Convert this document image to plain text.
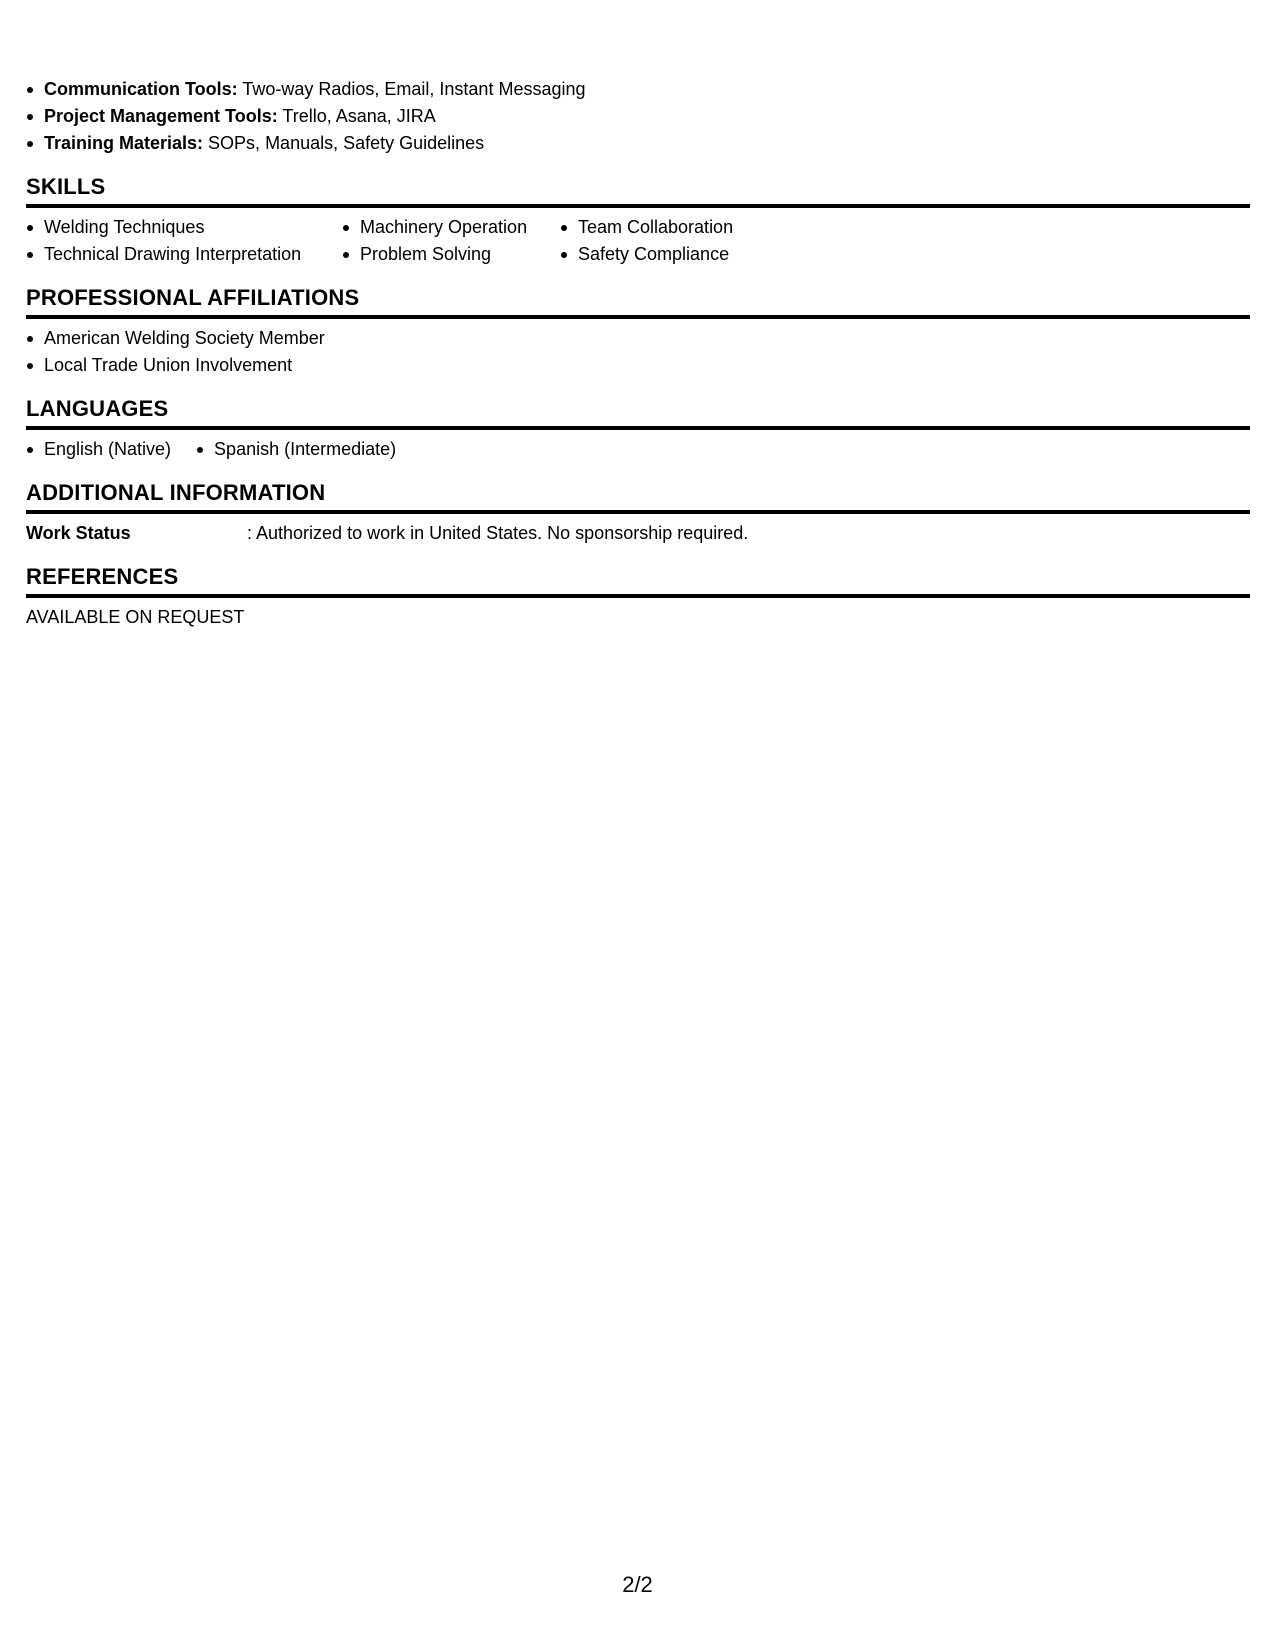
Communication Tools: Two-way Radios, Email, Instant Messaging
Project Management Tools: Trello, Asana, JIRA
Training Materials: SOPs, Manuals, Safety Guidelines
SKILLS
Welding Techniques
Technical Drawing Interpretation
Machinery Operation
Problem Solving
Team Collaboration
Safety Compliance
PROFESSIONAL AFFILIATIONS
American Welding Society Member
Local Trade Union Involvement
LANGUAGES
English (Native)	Spanish (Intermediate)
ADDITIONAL INFORMATION
Work Status	: Authorized to work in United States. No sponsorship required.
REFERENCES
AVAILABLE ON REQUEST
2/2
